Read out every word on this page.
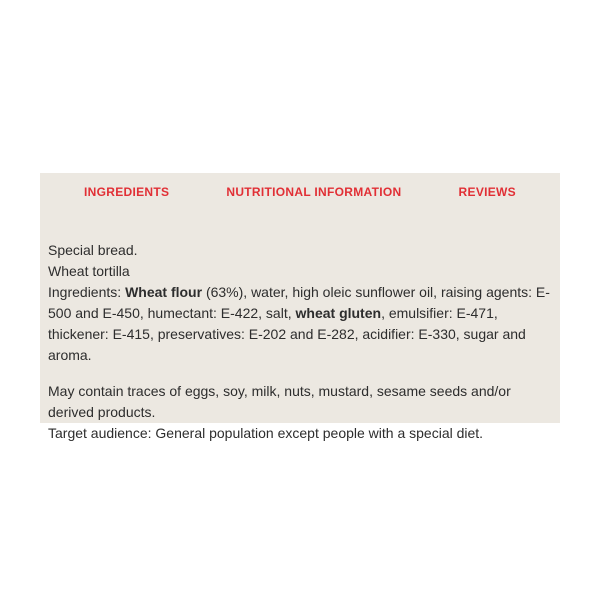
INGREDIENTS	NUTRITIONAL INFORMATION	REVIEWS
Special bread.
Wheat tortilla

Ingredients: Wheat flour (63%), water, high oleic sunflower oil, raising agents: E-500 and E-450, humectant: E-422, salt, wheat gluten, emulsifier: E-471, thickener: E-415, preservatives: E-202 and E-282, acidifier: E-330, sugar and aroma.

May contain traces of eggs, soy, milk, nuts, mustard, sesame seeds and/or derived products.

Target audience: General population except people with a special diet.
